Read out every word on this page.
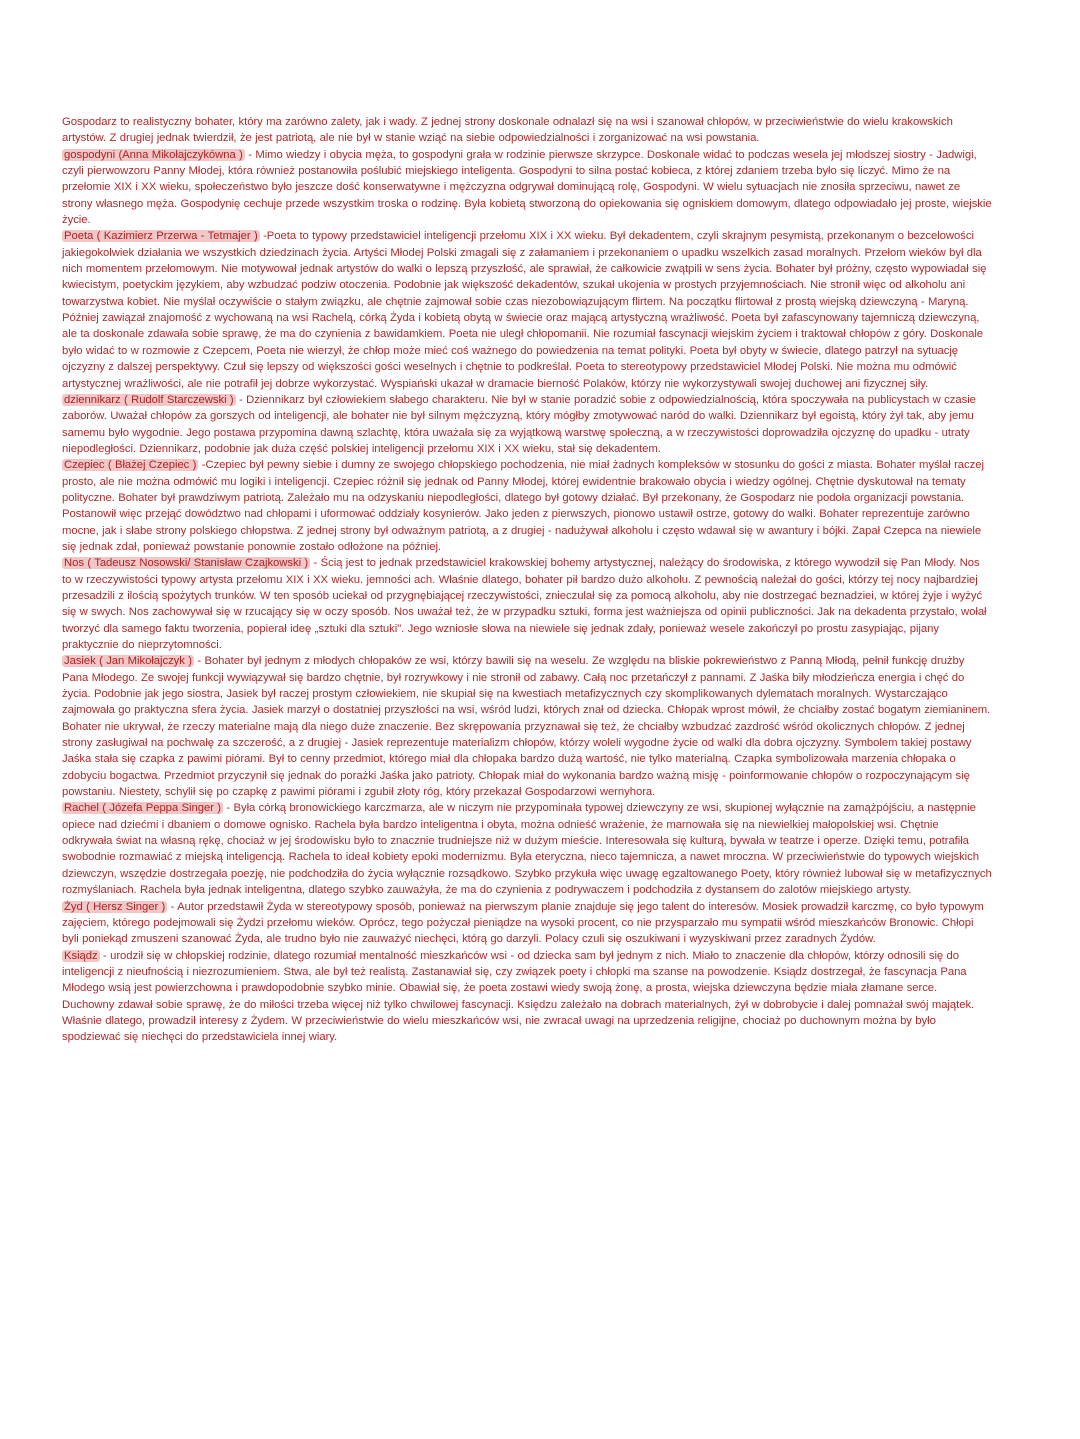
Gospodarz to realistyczny bohater, który ma zarówno zalety, jak i wady. Z jednej strony doskonale odnalazł się na wsi i szanował chłopów, w przeciwieństwie do wielu krakowskich artystów. Z drugiej jednak twierdził, że jest patriotą, ale nie był w stanie wziąć na siebie odpowiedzialności i zorganizować na wsi powstania.

gospodyni (Anna Mikołajczykówna ) - Mimo wiedzy i obycia męża, to gospodyni grała w rodzinie pierwsze skrzypce. Doskonale widać to podczas wesela jej młodszej siostry - Jadwigi, czyli pierwowzoru Panny Młodej, która również postanowiła poślubić miejskiego inteligenta. Gospodyni to silna postać kobieca, z której zdaniem trzeba było się liczyć. Mimo że na przełomie XIX i XX wieku, społeczeństwo było jeszcze dość konserwatywne i mężczyzna odgrywał dominującą rolę, Gospodyni. W wielu sytuacjach nie znosiła sprzeciwu, nawet ze strony własnego męża. Gospodynię cechuje przede wszystkim troska o rodzinę. Była kobietą stworzoną do opiekowania się ogniskiem domowym, dlatego odpowiadało jej proste, wiejskie życie.

Poeta ( Kazimierz Przerwa - Tetmajer ) -Poeta to typowy przedstawiciel inteligencji przełomu XIX i XX wieku. Był dekadentem, czyli skrajnym pesymistą, przekonanym o bezcelowości jakiegokolwiek działania we wszystkich dziedzinach życia. Artyści Młodej Polski zmagali się z załamaniem i przekonaniem o upadku wszelkich zasad moralnych. Przełom wieków był dla nich momentem przełomowym. Nie motywował jednak artystów do walki o lepszą przyszłość, ale sprawiał, że całkowicie zwątpili w sens życia. Bohater był próżny, często wypowiadał się kwiecistym, poetyckim językiem, aby wzbudzać podziw otoczenia. Podobnie jak większość dekadentów, szukał ukojenia w prostych przyjemnościach. Nie stronił więc od alkoholu ani towarzystwa kobiet. Nie myślał oczywiście o stałym związku, ale chętnie zajmował sobie czas niezobowiązującym flirtem. Na początku flirtował z prostą wiejską dziewczyną - Maryną. Później zawiązał znajomość z wychowaną na wsi Rachelą, córką Żyda i kobietą obytą w świecie oraz mającą artystyczną wrażliwość. Poeta był zafascynowany tajemniczą dziewczyną, ale ta doskonale zdawała sobie sprawę, że ma do czynienia z bawidamkiem. Poeta nie uległ chłopomanii. Nie rozumiał fascynacji wiejskim życiem i traktował chłopów z góry. Doskonale było widać to w rozmowie z Czepcem, Poeta nie wierzył, że chłop może mieć coś ważnego do powiedzenia na temat polityki. Poeta był obyty w świecie, dlatego patrzył na sytuację ojczyzny z dalszej perspektywy. Czuł się lepszy od większości gości weselnych i chętnie to podkreślał. Poeta to stereotypowy przedstawiciel Młodej Polski. Nie można mu odmówić artystycznej wrażliwości, ale nie potrafił jej dobrze wykorzystać. Wyspiański ukazał w dramacie bierność Polaków, którzy nie wykorzystywali swojej duchowej ani fizycznej siły.

dziennikarz ( Rudolf Starczewski ) - Dziennikarz był człowiekiem słabego charakteru. Nie był w stanie poradzić sobie z odpowiedzialnością, która spoczywała na publicystach w czasie zaborów. Uważał chłopów za gorszych od inteligencji, ale bohater nie był silnym mężczyzną, który mógłby zmotywować naród do walki. Dziennikarz był egoistą, który żył tak, aby jemu samemu było wygodnie. Jego postawa przypomina dawną szlachtę, która uważała się za wyjątkową warstwę społeczną, a w rzeczywistości doprowadziła ojczyznę do upadku - utraty niepodległości. Dziennikarz, podobnie jak duża część polskiej inteligencji przełomu XIX i XX wieku, stał się dekadentem.

Czepiec ( Błażej Czepiec ) -Czepiec był pewny siebie i dumny ze swojego chłopskiego pochodzenia, nie miał żadnych kompleksów w stosunku do gości z miasta. Bohater myślał raczej prosto, ale nie można odmówić mu logiki i inteligencji. Czepiec różnił się jednak od Panny Młodej, której ewidentnie brakowało obycia i wiedzy ogólnej. Chętnie dyskutował na tematy polityczne. Bohater był prawdziwym patriotą. Zależało mu na odzyskaniu niepodległości, dlatego był gotowy działać. Był przekonany, że Gospodarz nie podoła organizacji powstania. Postanowił więc przejąć dowództwo nad chłopami i uformować oddziały kosynierów. Jako jeden z pierwszych, pionowo ustawił ostrze, gotowy do walki. Bohater reprezentuje zarówno mocne, jak i słabe strony polskiego chłopstwa. Z jednej strony był odważnym patriotą, a z drugiej - nadużywał alkoholu i często wdawał się w awantury i bójki. Zapał Czepca na niewiele się jednak zdał, ponieważ powstanie ponownie zostało odłożone na później.

Nos ( Tadeusz Nosowski/ Stanisław Czajkowski ) - Ścią jest to jednak przedstawiciel krakowskiej bohemy artystycznej, należący do środowiska, z którego wywodził się Pan Młody. Nos to w rzeczywistości typowy artysta przełomu XIX i XX wieku. jemności ach. Właśnie dlatego, bohater pił bardzo dużo alkoholu. Z pewnością należał do gości, którzy tej nocy najbardziej przesadzili z ilością spożytych trunków. W ten sposób uciekał od przygnębiającej rzeczywistości, znieczulał się za pomocą alkoholu, aby nie dostrzegać beznadziei, w której żyje i wyżyć się w swych. Nos zachowywał się w rzucający się w oczy sposób. Nos uważał też, że w przypadku sztuki, forma jest ważniejsza od opinii publiczności. Jak na dekadenta przystało, wołał tworzyć dla samego faktu tworzenia, popierał ideę „sztuki dla sztuki". Jego wzniosłe słowa na niewiele się jednak zdały, ponieważ wesele zakończył po prostu zasypiając, pijany praktycznie do nieprzytomności.

Jasiek ( Jan Mikołajczyk ) - Bohater był jednym z młodych chłopaków ze wsi, którzy bawili się na weselu. Ze względu na bliskie pokrewieństwo z Panną Młodą, pełnił funkcję drużby Pana Młodego. Ze swojej funkcji wywiązywał się bardzo chętnie, był rozrywkowy i nie stronił od zabawy. Całą noc przetańczył z pannami. Z Jaśka biły młodzieńcza energia i chęć do życia. Podobnie jak jego siostra, Jasiek był raczej prostym człowiekiem, nie skupiał się na kwestiach metafizycznych czy skomplikowanych dylematach moralnych. Wystarczająco zajmowała go praktyczna sfera życia. Jasiek marzył o dostatniej przyszłości na wsi, wśród ludzi, których znał od dziecka. Chłopak wprost mówił, że chciałby zostać bogatym ziemianinem. Bohater nie ukrywał, że rzeczy materialne mają dla niego duże znaczenie. Bez skrępowania przyznawał się też, że chciałby wzbudzać zazdrość wśród okolicznych chłopów. Z jednej strony zasługiwał na pochwałę za szczerość, a z drugiej - Jasiek reprezentuje materializm chłopów, którzy woleli wygodne życie od walki dla dobra ojczyzny. Symbolem takiej postawy Jaśka stała się czapka z pawimi piórami. Był to cenny przedmiot, którego miał dla chłopaka bardzo dużą wartość, nie tylko materialną. Czapka symbolizowała marzenia chłopaka o zdobyciu bogactwa. Przedmiot przyczynił się jednak do porażki Jaśka jako patrioty. Chłopak miał do wykonania bardzo ważną misję - poinformowanie chłopów o rozpoczynającym się powstaniu. Niestety, schylił się po czapkę z pawimi piórami i zgubił złoty róg, który przekazał Gospodarzowi wernyhora.

Rachel ( Józefa Peppa Singer ) - Była córką bronowickiego karczmarza, ale w niczym nie przypominała typowej dziewczyny ze wsi, skupionej wyłącznie na zamążpójściu, a następnie opiece nad dziećmi i dbaniem o domowe ognisko. Rachela była bardzo inteligentna i obyta, można odnieść wrażenie, że marnowała się na niewielkiej małopolskiej wsi. Chętnie odkrywała świat na własną rękę, chociaż w jej środowisku było to znacznie trudniejsze niż w dużym mieście. Interesowała się kulturą, bywała w teatrze i operze. Dzięki temu, potrafiła swobodnie rozmawiać z miejską inteligencją. Rachela to ideał kobiety epoki modernizmu. Była eteryczna, nieco tajemnicza, a nawet mroczna. W przeciwieństwie do typowych wiejskich dziewczyn, wszędzie dostrzegała poezję, nie podchodziła do życia wyłącznie rozsądkowo. Szybko przykuła więc uwagę egzaltowanego Poety, który również lubował się w metafizycznych rozmyślaniach. Rachela była jednak inteligentna, dlatego szybko zauważyła, że ma do czynienia z podrywaczem i podchodziła z dystansem do zalotów miejskiego artysty.

Żyd ( Hersz Singer ) - Autor przedstawił Żyda w stereotypowy sposób, ponieważ na pierwszym planie znajduje się jego talent do interesów. Mosiek prowadził karczmę, co było typowym zajęciem, którego podejmowali się Żydzi przełomu wieków. Oprócz, tego pożyczał pieniądze na wysoki procent, co nie przysparzało mu sympatii wśród mieszkańców Bronowic. Chłopi byli poniekąd zmuszeni szanować Żyda, ale trudno było nie zauważyć niechęci, którą go darzyli. Polacy czuli się oszukiwani i wyzyskiwani przez zaradnych Żydów.

Ksiądz - urodził się w chłopskiej rodzinie, dlatego rozumiał mentalność mieszkańców wsi - od dziecka sam był jednym z nich. Miało to znaczenie dla chłopów, którzy odnosili się do inteligencji z nieufnością i niezrozumieniem. Stwa, ale był też realistą. Zastanawiał się, czy związek poety i chłopki ma szanse na powodzenie. Ksiądz dostrzegał, że fascynacja Pana Młodego wsią jest powierzchowna i prawdopodobnie szybko minie. Obawiał się, że poeta zostawi wiedy swoją żonę, a prosta, wiejska dziewczyna będzie miała złamane serce. Duchowny zdawał sobie sprawę, że do miłości trzeba więcej niż tylko chwilowej fascynacji. Księdzu zależało na dobrach materialnych, żył w dobrobycie i dalej pomnażał swój majątek. Właśnie dlatego, prowadził interesy z Żydem. W przeciwieństwie do wielu mieszkańców wsi, nie zwracał uwagi na uprzedzenia religijne, chociaż po duchownym można by było spodziewać się niechęci do przedstawiciela innej wiary.
